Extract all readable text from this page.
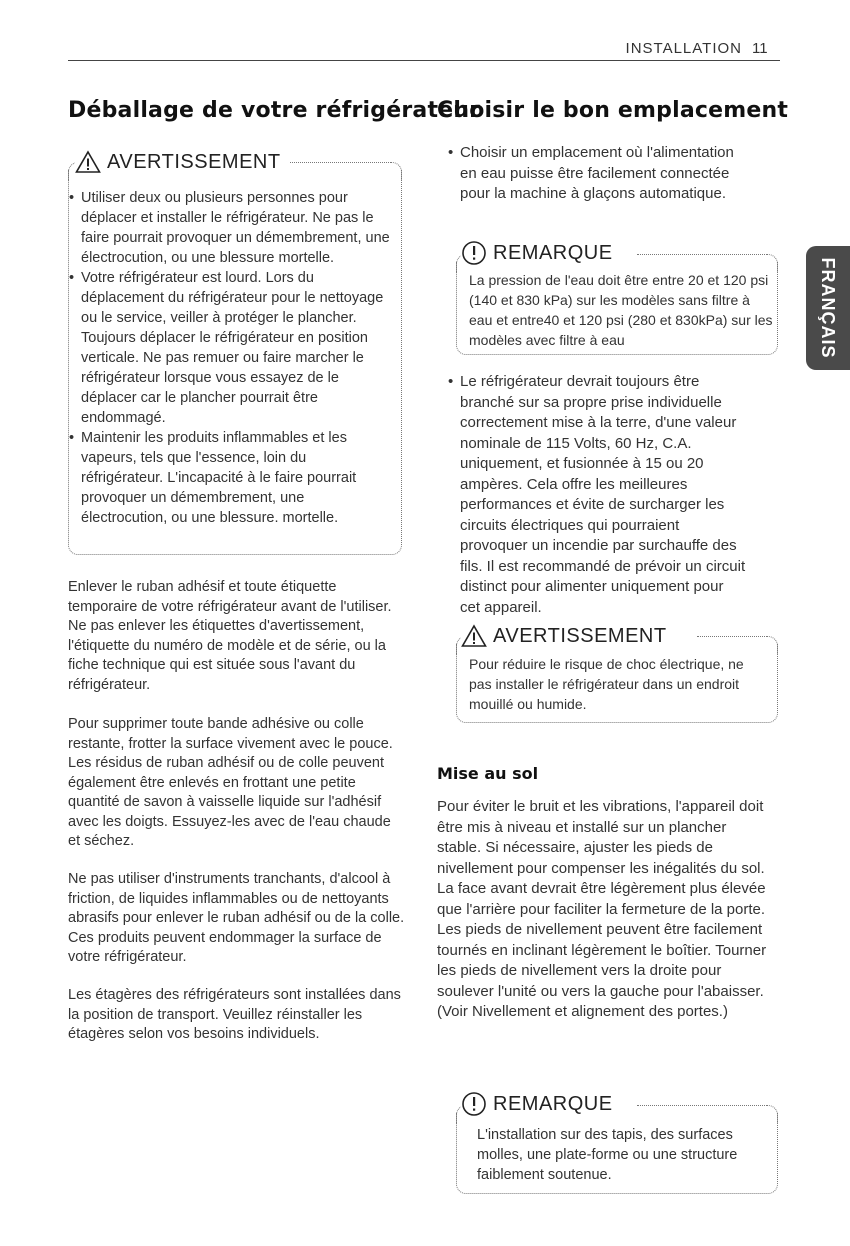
INSTALLATION 11
FRANÇAIS
Déballage de votre réfrigérateur
AVERTISSEMENT
• Utiliser deux ou plusieurs personnes pour déplacer et installer le réfrigérateur. Ne pas le faire pourrait provoquer un démembrement, une électrocution, ou une blessure mortelle.
• Votre réfrigérateur est lourd. Lors du déplacement du réfrigérateur pour le nettoyage ou le service, veiller à protéger le plancher. Toujours déplacer le réfrigérateur en position verticale. Ne pas remuer ou faire marcher le réfrigérateur lorsque vous essayez de le déplacer car le plancher pourrait être endommagé.
• Maintenir les produits inflammables et les vapeurs, tels que l'essence, loin du réfrigérateur. L'incapacité à le faire pourrait provoquer un démembrement, une électrocution, ou une blessure. mortelle.
Enlever le ruban adhésif et toute étiquette temporaire de votre réfrigérateur avant de l'utiliser. Ne pas enlever les étiquettes d'avertissement, l'étiquette du numéro de modèle et de série, ou la fiche technique qui est située sous l'avant du réfrigérateur.
Pour supprimer toute bande adhésive ou colle restante, frotter la surface vivement avec le pouce. Les résidus de ruban adhésif ou de colle peuvent également être enlevés en frottant une petite quantité de savon à vaisselle liquide sur l'adhésif avec les doigts. Essuyez-les avec de l'eau chaude et séchez.
Ne pas utiliser d'instruments tranchants, d'alcool à friction, de liquides inflammables ou de nettoyants abrasifs pour enlever le ruban adhésif ou de la colle. Ces produits peuvent endommager la surface de votre réfrigérateur.
Les étagères des réfrigérateurs sont installées dans la position de transport. Veuillez réinstaller les étagères selon vos besoins individuels.
Choisir le bon emplacement
• Choisir un emplacement où l'alimentation en eau puisse être facilement connectée pour la machine à glaçons automatique.
REMARQUE
La pression de l'eau doit être entre 20 et 120 psi (140 et 830 kPa) sur les modèles sans filtre à eau et entre40 et 120 psi (280 et 830kPa) sur les modèles avec filtre à eau
• Le réfrigérateur devrait toujours être branché sur sa propre prise individuelle correctement mise à la terre, d'une valeur nominale de 115 Volts, 60 Hz, C.A. uniquement, et fusionnée à 15 ou 20 ampères. Cela offre les meilleures performances et évite de surcharger les circuits électriques qui pourraient provoquer un incendie par surchauffe des fils. Il est recommandé de prévoir un circuit distinct pour alimenter uniquement pour cet appareil.
AVERTISSEMENT
Pour réduire le risque de choc électrique, ne pas installer le réfrigérateur dans un endroit mouillé ou humide.
Mise au sol
Pour éviter le bruit et les vibrations, l'appareil doit être mis à niveau et installé sur un plancher stable. Si nécessaire, ajuster les pieds de nivellement pour compenser les inégalités du sol. La face avant devrait être légèrement plus élevée que l'arrière pour faciliter la fermeture de la porte. Les pieds de nivellement peuvent être facilement tournés en inclinant légèrement le boîtier. Tourner les pieds de nivellement vers la droite pour soulever l'unité ou vers la gauche pour l'abaisser. (Voir Nivellement et alignement des portes.)
REMARQUE
L'installation sur des tapis, des surfaces molles, une plate-forme ou une structure faiblement soutenue.
